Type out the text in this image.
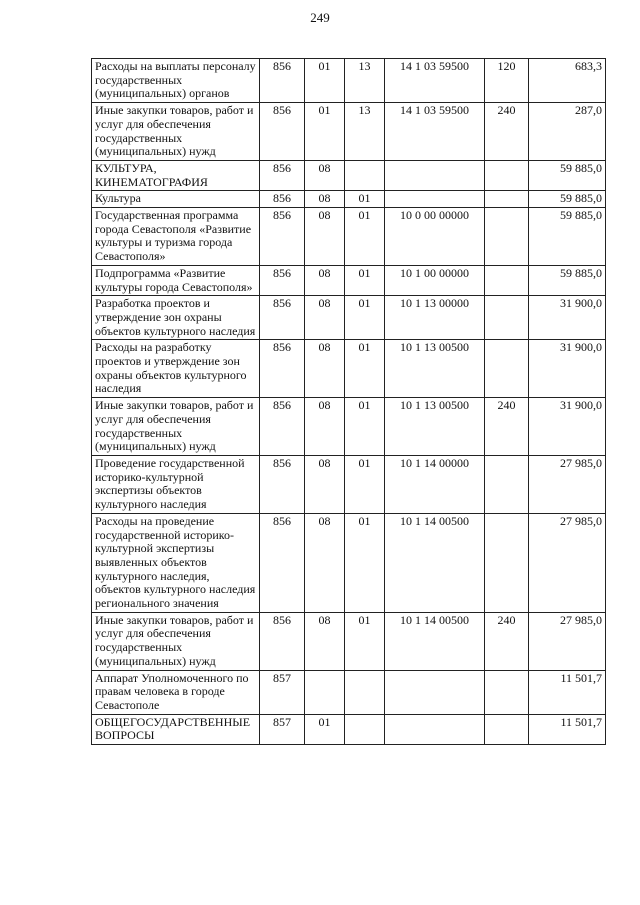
249
Расходы на выплаты персоналу государственных (муниципальных) органов	856	01	13	14 1 03 59500	120	683,3
Иные закупки товаров, работ и услуг для обеспечения государственных (муниципальных) нужд	856	01	13	14 1 03 59500	240	287,0
КУЛЬТУРА, КИНЕМАТОГРАФИЯ	856	08				59 885,0
Культура	856	08	01			59 885,0
Государственная программа города Севастополя «Развитие культуры и туризма города Севастополя»	856	08	01	10 0 00 00000		59 885,0
Подпрограмма «Развитие культуры города Севастополя»	856	08	01	10 1 00 00000		59 885,0
Разработка проектов и утверждение зон охраны объектов культурного наследия	856	08	01	10 1 13 00000		31 900,0
Расходы на разработку проектов и утверждение зон охраны объектов культурного наследия	856	08	01	10 1 13 00500		31 900,0
Иные закупки товаров, работ и услуг для обеспечения государственных (муниципальных) нужд	856	08	01	10 1 13 00500	240	31 900,0
Проведение государственной историко-культурной экспертизы объектов культурного наследия	856	08	01	10 1 14 00000		27 985,0
Расходы на проведение государственной историко-культурной экспертизы выявленных объектов культурного наследия, объектов культурного наследия регионального значения	856	08	01	10 1 14 00500		27 985,0
Иные закупки товаров, работ и услуг для обеспечения государственных (муниципальных) нужд	856	08	01	10 1 14 00500	240	27 985,0
Аппарат Уполномоченного по правам человека в городе Севастополе	857					11 501,7
ОБЩЕГОСУДАРСТВЕННЫЕ ВОПРОСЫ	857	01				11 501,7
